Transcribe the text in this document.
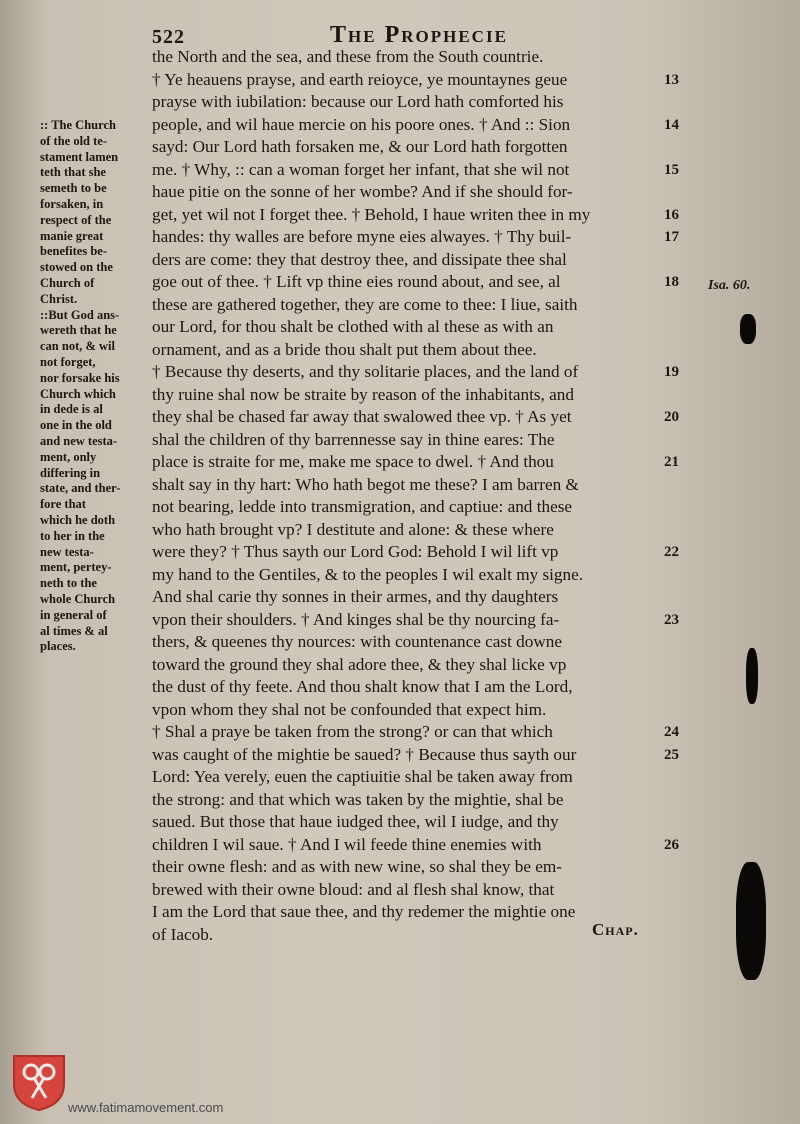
522	The Prophecie
:: The Church
of the old te-
stament lamen
teth that she
semeth to be
forsaken, in
respect of the
manie great
benefites be-
stowed on the
Church of
Christ.
::But God ans-
wereth that he
can not, & wil
not forget,
nor forsake his
Church which
in dede is al
one in the old
and new testa-
ment, only
differing in
state, and ther-
fore that
which he doth
to her in the
new testa-
ment, pertey-
neth to the
whole Church
in general of
al times & al
places.
the North and the sea, and these from the South countrie.
† Ye heauens prayse, and earth reioyce, ye mountaynes geue
prayse with iubilation: because our Lord hath comforted his
people, and wil haue mercie on his poore ones. † And :: Sion
sayd: Our Lord hath forsaken me, & our Lord hath forgotten
me. † Why, :: can a woman forget her infant, that she wil not
haue pitie on the sonne of her wombe? And if she should for-
get, yet wil not I forget thee. † Behold, I haue writen thee in my
handes: thy walles are before myne eies alwayes. † Thy buil-
ders are come: they that destroy thee, and dissipate thee shal
goe out of thee. † Lift vp thine eies round about, and see, al
these are gathered together, they are come to thee: I liue, saith
our Lord, for thou shalt be clothed with al these as with an
ornament, and as a bride thou shalt put them about thee.
† Because thy deserts, and thy solitarie places, and the land of
thy ruine shal now be straite by reason of the inhabitants, and
they shal be chased far away that swalowed thee vp. † As yet
shal the children of thy barrennesse say in thine eares: The
place is straite for me, make me space to dwel. † And thou
shalt say in thy hart: Who hath begot me these? I am barren &
not bearing, ledde into transmigration, and captiue: and these
who hath brought vp? I destitute and alone: & these where
were they? † Thus sayth our Lord God: Behold I wil lift vp
my hand to the Gentiles, & to the peoples I wil exalt my signe.
And shal carie thy sonnes in their armes, and thy daughters
vpon their shoulders. † And kinges shal be thy nourcing fa-
thers, & queenes thy nources: with countenance cast downe
toward the ground they shal adore thee, & they shal licke vp
the dust of thy feete. And thou shalt know that I am the Lord,
vpon whom they shal not be confounded that expect him.
† Shal a praye be taken from the strong? or can that which
was caught of the mightie be saued? † Because thus sayth our
Lord: Yea verely, euen the captiuitie shal be taken away from
the strong: and that which was taken by the mightie, shal be
saued. But those that haue iudged thee, wil I iudge, and thy
children I wil saue. † And I wil feede thine enemies with
their owne flesh: and as with new wine, so shal they be em-
brewed with their owne bloud: and al flesh shal know, that
I am the Lord that saue thee, and thy redemer the mightie one
of Iacob.
13
14
15
16
17
18
19
20
21
22
23
24
25
26
Isa. 60.
Chap.
www.fatimamovement.com
